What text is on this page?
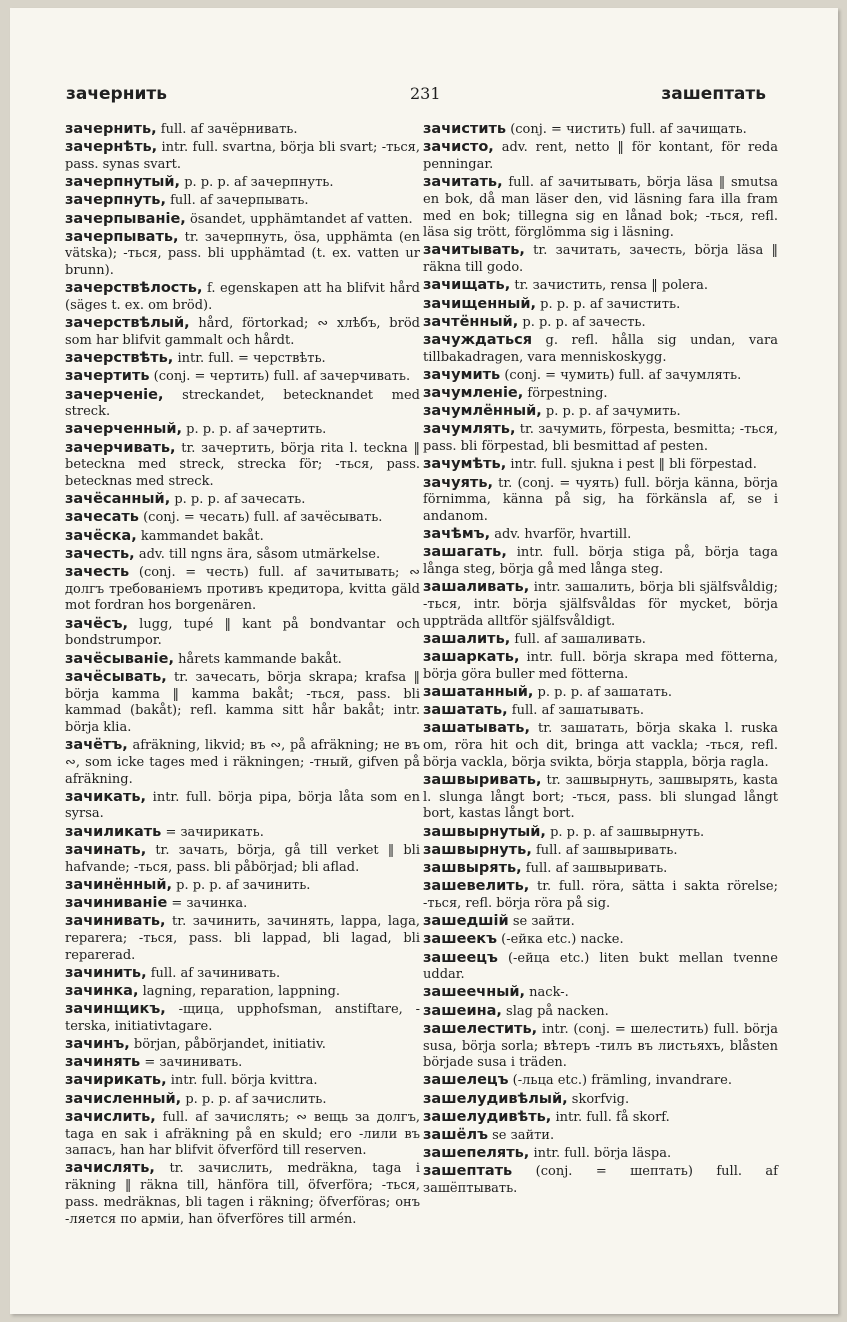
зачернить	231	зашептать
зачернить, full. af зачёрнивать.
зачернѣть, intr. full. svartna, börja bli svart; -ться, pass. synas svart.
зачерпнутый, p. p. p. af зачерпнуть.
зачерпнуть, full. af зачерпывать.
зачерпываніе, ösandet, upphämtandet af vatten.
зачерпывать, tr. зачерпнуть, ösa, upphämta (en vätska); -ться, pass. bli upphämtad (t. ex. vatten ur brunn).
зачерствѣлость, f. egenskapen att ha blifvit hård (säges t. ex. om bröd).
зачерствѣлый, hård, förtorkad; ∾ хлѣбъ, bröd som har blifvit gammalt och hårdt.
зачерствѣть, intr. full. = черствѣть.
зачертить (conj. = чертить) full. af зачерчивать.
зачерченіе, streckandet, betecknandet med streck.
зачерченный, p. p. p. af зачертить.
зачерчивать, tr. зачертить, börja rita l. teckna ‖ beteckna med streck, strecka för; -ться, pass. betecknas med streck.
зачёсанный, p. p. p. af зачесать.
зачесать (conj. = чесать) full. af зачёсывать.
зачёска, kammandet bakåt.
зачесть, adv. till ngns ära, såsom utmärkelse.
зачесть (conj. = честь) full. af зачитывать; ∾ долгъ требованіемъ противъ кредитора, kvitta gäld mot fordran hos borgenären.
зачёсъ, lugg, tupé ‖ kant på bondvantar och bondstrumpor.
зачёсываніе, hårets kammande bakåt.
зачёсывать, tr. зачесать, börja skrapa; krafsa ‖ börja kamma ‖ kamma bakåt; -ться, pass. bli kammad (bakåt); refl. kamma sitt hår bakåt; intr. börja klia.
зачётъ, afräkning, likvid; въ ∾, på afräkning; не въ ∾, som icke tages med i räkningen; -тный, gifven på afräkning.
зачикать, intr. full. börja pipa, börja låta som en syrsa.
зачиликать = зачирикать.
зачинать, tr. зачать, börja, gå till verket ‖ bli hafvande; -ться, pass. bli påbörjad; bli aflad.
зачинённый, p. p. p. af зачинить.
зачиниваніе = зачинка.
зачинивать, tr. зачинить, зачинять, lappa, laga, reparera; -ться, pass. bli lappad, bli lagad, bli reparerad.
зачинить, full. af зачинивать.
зачинка, lagning, reparation, lappning.
зачинщикъ, -щица, upphofsman, anstiftare, -terska, initiativtagare.
зачинъ, början, påbörjandet, initiativ.
зачинять = зачинивать.
зачирикать, intr. full. börja kvittra.
зачисленный, p. p. p. af зачислить.
зачислить, full. af зачислять; ∾ вещь за долгъ, taga en sak i afräkning på en skuld; его -лили въ запасъ, han har blifvit öfverförd till reserven.
зачислять, tr. зачислить, medräkna, taga i räkning ‖ räkna till, hänföra till, öfverföra; -ться, pass. medräknas, bli tagen i räkning; öfverföras; онъ -ляется по арміи, han öfverföres till armén.
зачистить (conj. = чистить) full. af зачищать.
зачисто, adv. rent, netto ‖ för kontant, för reda penningar.
зачитать, full. af зачитывать, börja läsa ‖ smutsa en bok, då man läser den, vid läsning fara illa fram med en bok; tillegna sig en lånad bok; -ться, refl. läsa sig trött, förglömma sig i läsning.
зачитывать, tr. зачитать, зачесть, börja läsa ‖ räkna till godo.
зачищать, tr. зачистить, rensa ‖ polera.
зачищенный, p. p. p. af зачистить.
зачтённый, p. p. p. af зачесть.
зачуждаться g. refl. hålla sig undan, vara tillbakadragen, vara menniskoskygg.
зачумить (conj. = чумить) full. af зачумлять.
зачумленіе, förpestning.
зачумлённый, p. p. p. af зачумить.
зачумлять, tr. зачумить, förpesta, besmitta; -ться, pass. bli förpestad, bli besmittad af pesten.
зачумѣть, intr. full. sjukna i pest ‖ bli förpestad.
зачуять, tr. (conj. = чуять) full. börja känna, börja förnimma, känna på sig, ha förkänsla af, se i andanom.
зачѣмъ, adv. hvarför, hvartill.
зашагать, intr. full. börja stiga på, börja taga långa steg, börja gå med långa steg.
зашаливать, intr. зашалить, börja bli själfsvåldig; -ться, intr. börja själfsvåldas för mycket, börja uppträda alltför själfsvåldigt.
зашалить, full. af зашаливать.
зашаркать, intr. full. börja skrapa med fötterna, börja göra buller med fötterna.
зашатанный, p. p. p. af зашатать.
зашатать, full. af зашатывать.
зашатывать, tr. зашатать, börja skaka l. ruska om, röra hit och dit, bringa att vackla; -ться, refl. börja vackla, börja svikta, börja stappla, börja ragla.
зашвыривать, tr. зашвырнуть, зашвырять, kasta l. slunga långt bort; -ться, pass. bli slungad långt bort, kastas långt bort.
зашвырнутый, p. p. p. af зашвырнуть.
зашвырнуть, full. af зашвыривать.
зашвырять, full. af зашвыривать.
зашевелить, tr. full. röra, sätta i sakta rörelse; -ться, refl. börja röra på sig.
зашедшій se зайти.
зашеекъ (-ейка etc.) nacke.
зашеецъ (-ейца etc.) liten bukt mellan tvenne uddar.
зашеечный, nack-.
зашеина, slag på nacken.
зашелестить, intr. (conj. = шелестить) full. börja susa, börja sorla; вѣтеръ -тилъ въ листьяхъ, blåsten började susa i träden.
зашелецъ (-льца etc.) främling, invandrare.
зашелудивѣлый, skorfvig.
зашелудивѣть, intr. full. få skorf.
зашёлъ se зайти.
зашепелять, intr. full. börja läspa.
зашептать (conj. = шептать) full. af зашёптывать.
